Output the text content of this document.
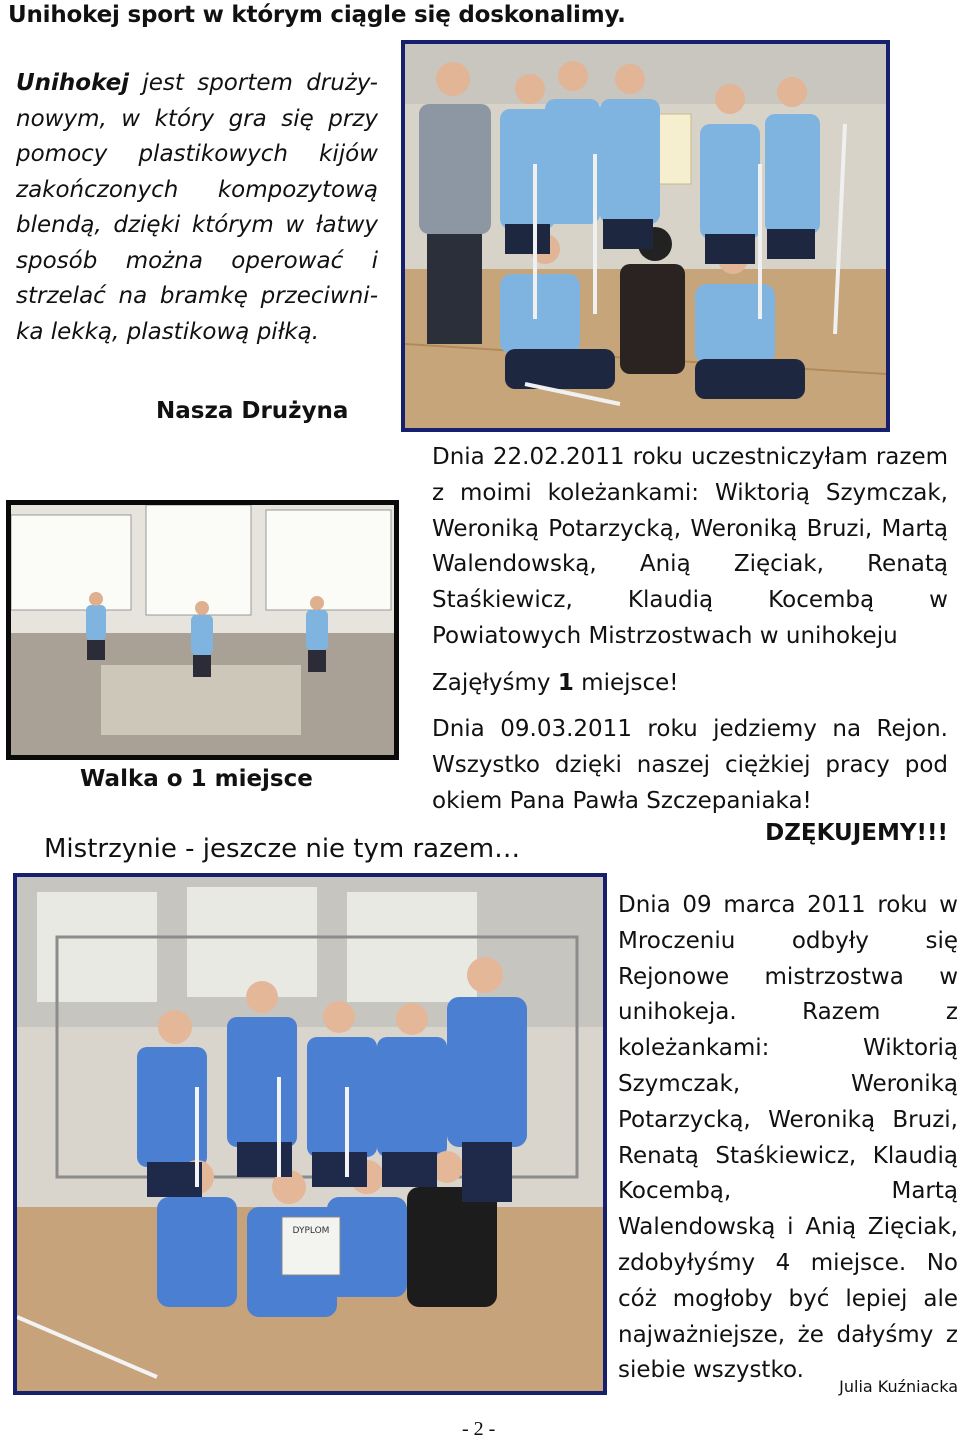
Unihokej sport w którym ciągle się doskonalimy.
Unihokej jest sportem druży-nowym, w który gra się przy pomocy plastikowych kijów zakończonych kompozytową blendą, dzięki którym w łatwy sposób można operować i strzelać na bramkę przeciwni-ka lekką, plastikową piłką.
Nasza Drużyna
Walka o 1 miejsce
Dnia 22.02.2011 roku uczestniczyłam razem z moimi koleżankami: Wiktorią Szymczak, Weroniką Potarzycką, Weroniką Bruzi, Martą Walendowską, Anią Zięciak, Renatą Staśkiewicz, Klaudią Kocembą w Powiatowych Mistrzostwach w unihokeju
Zajęłyśmy 1 miejsce!
Dnia 09.03.2011 roku jedziemy na Rejon. Wszystko dzięki naszej ciężkiej pracy pod okiem Pana Pawła Szczepaniaka!
DZĘKUJEMY!!!
Mistrzynie - jeszcze nie tym razem…
DYPLOM
Dnia 09 marca 2011 roku w Mroczeniu odbyły się Rejonowe mistrzostwa w unihokeja. Razem z koleżankami: Wiktorią Szymczak, Weroniką Potarzycką, Weroniką Bruzi, Renatą Staśkiewicz, Klaudią Kocembą, Martą Walendowską i Anią Zięciak, zdobyłyśmy 4 miejsce. No cóż mogłoby być lepiej ale najważniejsze, że dałyśmy z siebie wszystko.
Julia Kuźniacka
- 2 -
